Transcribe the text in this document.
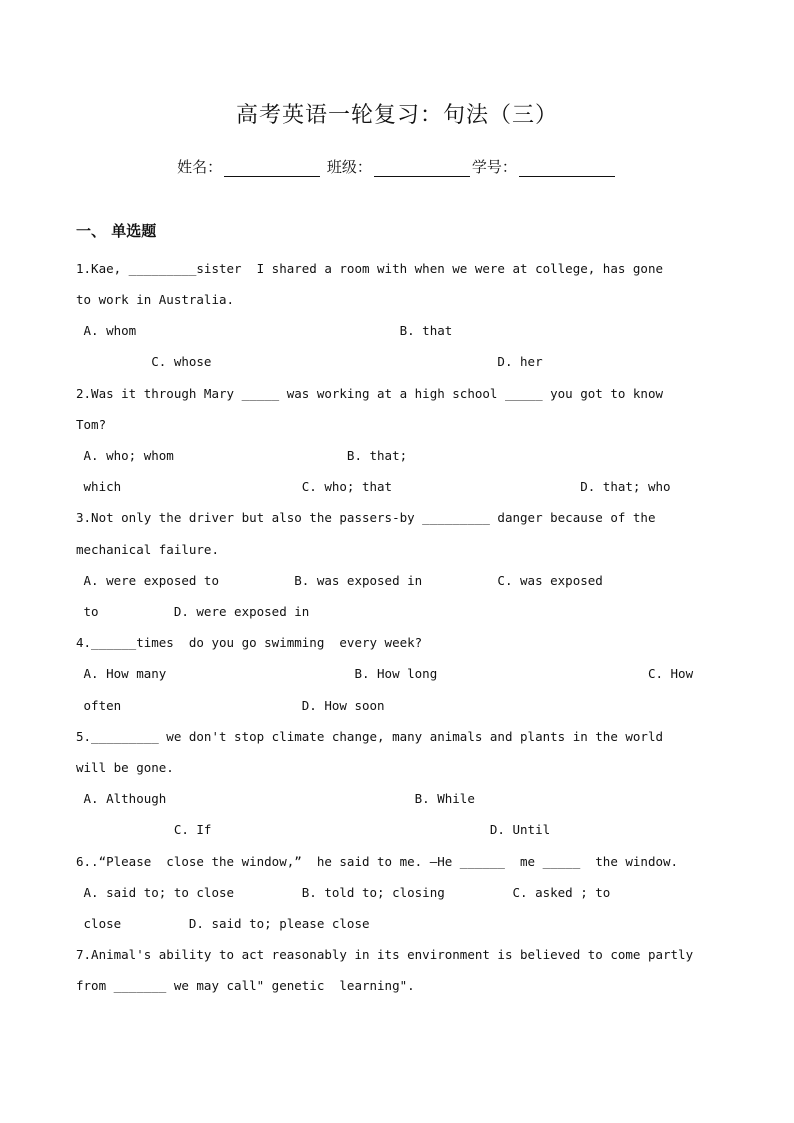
高考英语一轮复习：句法（三）
姓名：	班级：	学号：
一、 单选题
1.Kae, _________sister  I shared a room with when we were at college, has gone
to work in Australia.
A. whom                                   B. that
C. whose                                      D. her
2.Was it through Mary _____ was working at a high school _____ you got to know
Tom?
A. who; whom                       B. that;
which                        C. who; that                         D. that; who
3.Not only the driver but also the passers-by _________ danger because of the
mechanical failure.
A. were exposed to          B. was exposed in          C. was exposed
to          D. were exposed in
4.______times  do you go swimming  every week?
A. How many                         B. How long                            C. How
often                        D. How soon
5._________ we don't stop climate change, many animals and plants in the world
will be gone.
A. Although                                 B. While
C. If                                     D. Until
6..“Please  close the window,”  he said to me. —He ______  me _____  the window.
A. said to; to close         B. told to; closing         C. asked ; to
close         D. said to; please close
7.Animal's ability to act reasonably in its environment is believed to come partly
from _______ we may call" genetic  learning".
